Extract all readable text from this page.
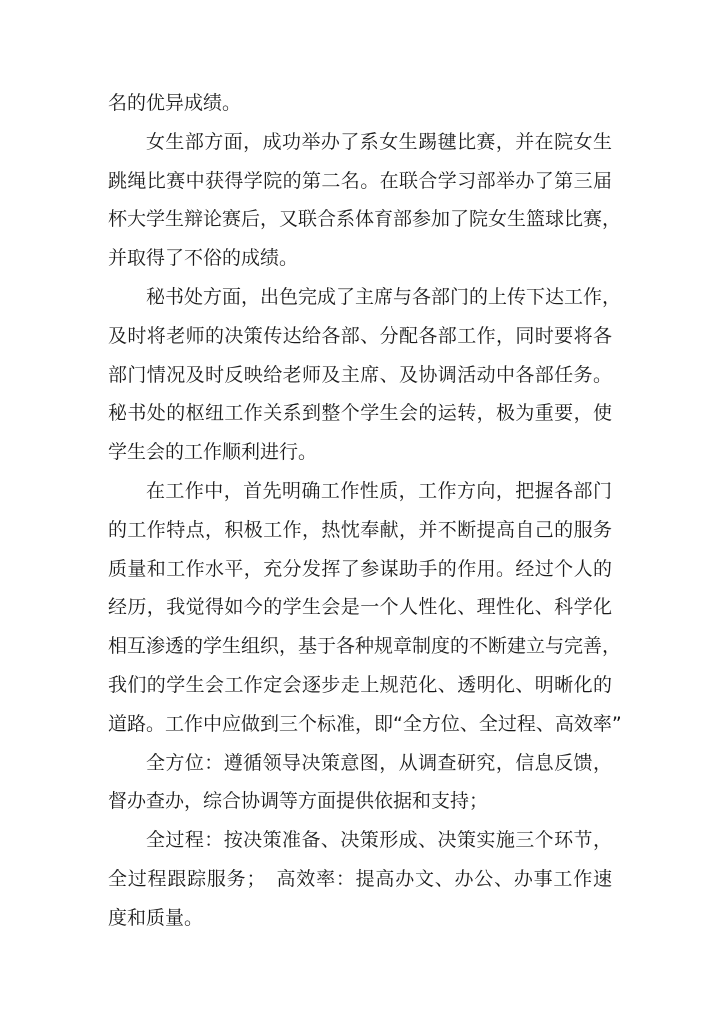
名的优异成绩。
女生部方面，成功举办了系女生踢毽比赛，并在院女生
跳绳比赛中获得学院的第二名。在联合学习部举办了第三届
杯大学生辩论赛后，又联合系体育部参加了院女生篮球比赛，
并取得了不俗的成绩。
秘书处方面，出色完成了主席与各部门的上传下达工作，
及时将老师的决策传达给各部、分配各部工作，同时要将各
部门情况及时反映给老师及主席、及协调活动中各部任务。
秘书处的枢纽工作关系到整个学生会的运转，极为重要，使
学生会的工作顺利进行。
在工作中，首先明确工作性质，工作方向，把握各部门
的工作特点，积极工作，热忱奉献，并不断提高自己的服务
质量和工作水平，充分发挥了参谋助手的作用。经过个人的
经历，我觉得如今的学生会是一个人性化、理性化、科学化
相互渗透的学生组织，基于各种规章制度的不断建立与完善，
我们的学生会工作定会逐步走上规范化、透明化、明晰化的
道路。工作中应做到三个标准，即“全方位、全过程、高效率”
全方位：遵循领导决策意图，从调查研究，信息反馈，
督办查办，综合协调等方面提供依据和支持；
全过程：按决策准备、决策形成、决策实施三个环节，
全过程跟踪服务；　高效率：提高办文、办公、办事工作速
度和质量。
